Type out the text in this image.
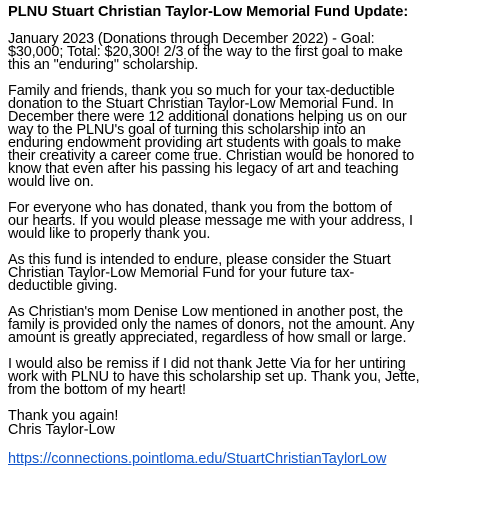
PLNU Stuart Christian Taylor-Low Memorial Fund Update:
January 2023 (Donations through December 2022) - Goal:
$30,000; Total: $20,300! 2/3 of the way to the first goal to make
this an "enduring" scholarship.
Family and friends, thank you so much for your tax-deductible
donation to the Stuart Christian Taylor-Low Memorial Fund. In
December there were 12 additional donations helping us on our
way to the PLNU's goal of turning this scholarship into an
enduring endowment providing art students with goals to make
their creativity a career come true. Christian would be honored to
know that even after his passing his legacy of art and teaching
would live on.
For everyone who has donated, thank you from the bottom of
our hearts. If you would please message me with your address, I
would like to properly thank you.
As this fund is intended to endure, please consider the Stuart
Christian Taylor-Low Memorial Fund for your future tax-
deductible giving.
As Christian's mom Denise Low mentioned in another post, the
family is provided only the names of donors, not the amount. Any
amount is greatly appreciated, regardless of how small or large.
I would also be remiss if I did not thank Jette Via for her untiring
work with PLNU to have this scholarship set up. Thank you, Jette,
from the bottom of my heart!
Thank you again!
Chris Taylor-Low
https://connections.pointloma.edu/StuartChristianTaylorLow
